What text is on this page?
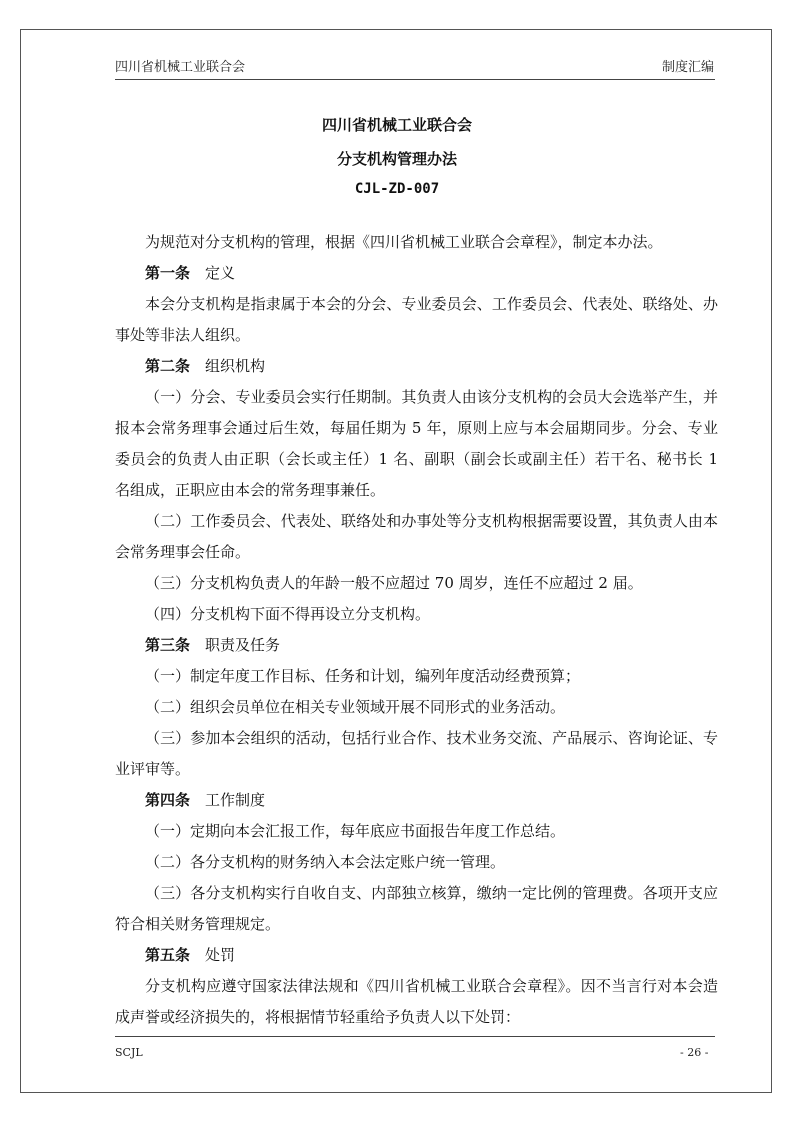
四川省机械工业联合会	制度汇编
四川省机械工业联合会
分支机构管理办法
CJL-ZD-007

为规范对分支机构的管理，根据《四川省机械工业联合会章程》，制定本办法。

第一条 定义

本会分支机构是指隶属于本会的分会、专业委员会、工作委员会、代表处、联络处、办事处等非法人组织。

第二条 组织机构

（一）分会、专业委员会实行任期制。其负责人由该分支机构的会员大会选举产生，并报本会常务理事会通过后生效，每届任期为 5 年，原则上应与本会届期同步。分会、专业委员会的负责人由正职（会长或主任）1 名、副职（副会长或副主任）若干名、秘书长 1 名组成，正职应由本会的常务理事兼任。

（二）工作委员会、代表处、联络处和办事处等分支机构根据需要设置，其负责人由本会常务理事会任命。

（三）分支机构负责人的年龄一般不应超过 70 周岁，连任不应超过 2 届。

（四）分支机构下面不得再设立分支机构。

第三条 职责及任务

（一）制定年度工作目标、任务和计划，编列年度活动经费预算；

（二）组织会员单位在相关专业领域开展不同形式的业务活动。

（三）参加本会组织的活动，包括行业合作、技术业务交流、产品展示、咨询论证、专业评审等。

第四条 工作制度

（一）定期向本会汇报工作，每年底应书面报告年度工作总结。

（二）各分支机构的财务纳入本会法定账户统一管理。

（三）各分支机构实行自收自支、内部独立核算，缴纳一定比例的管理费。各项开支应符合相关财务管理规定。

第五条 处罚

分支机构应遵守国家法律法规和《四川省机械工业联合会章程》。因不当言行对本会造成声誉或经济损失的，将根据情节轻重给予负责人以下处罚：

SCJL	- 26 -
